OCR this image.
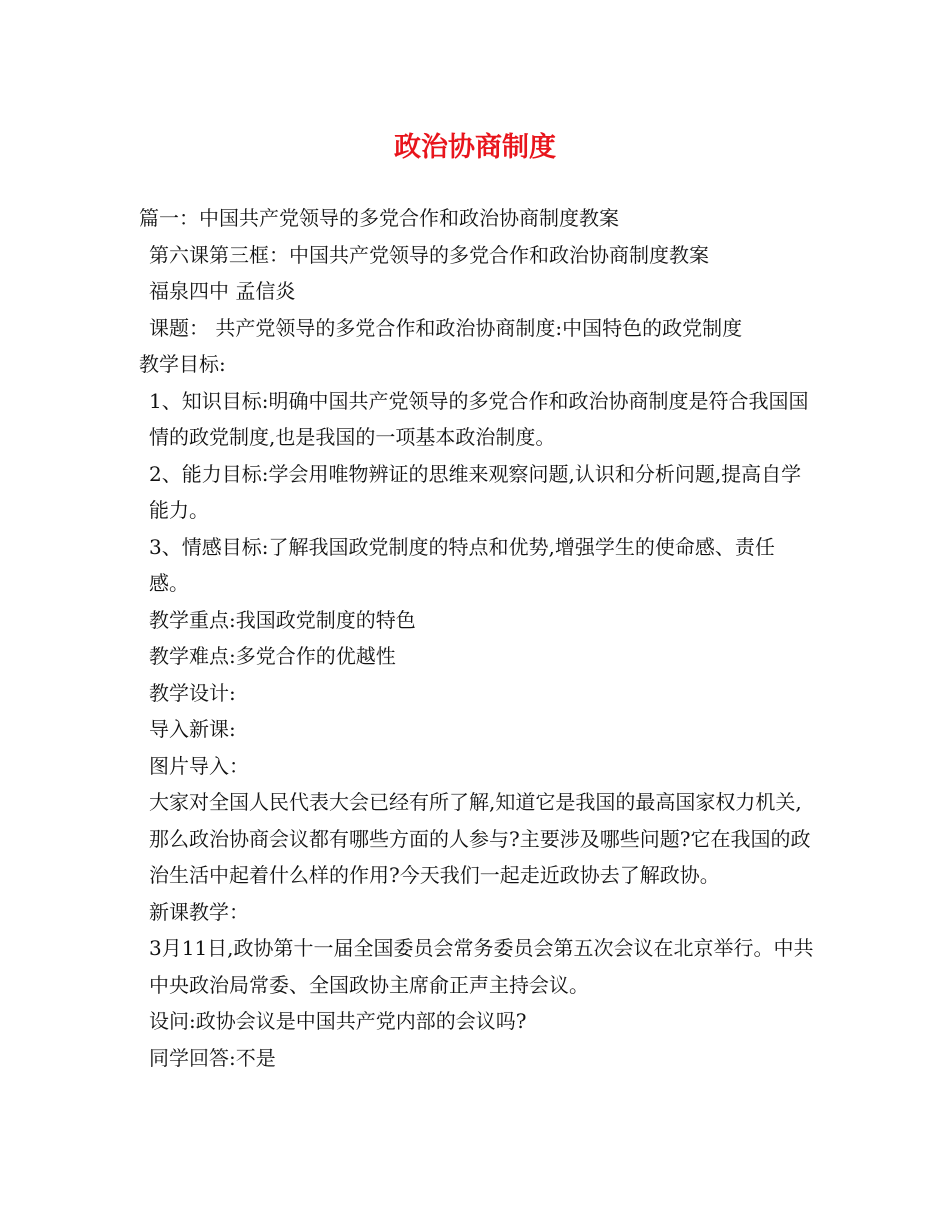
政治协商制度

篇一：中国共产党领导的多党合作和政治协商制度教案

第六课第三框：中国共产党领导的多党合作和政治协商制度教案

福泉四中 孟信炎

课题： 共产党领导的多党合作和政治协商制度:中国特色的政党制度

教学目标:

1、知识目标:明确中国共产党领导的多党合作和政治协商制度是符合我国国情的政党制度,也是我国的一项基本政治制度。

2、能力目标:学会用唯物辨证的思维来观察问题,认识和分析问题,提高自学能力。

3、情感目标:了解我国政党制度的特点和优势,增强学生的使命感、责任感。

教学重点:我国政党制度的特色

教学难点:多党合作的优越性

教学设计:

导入新课:

图片导入：

大家对全国人民代表大会已经有所了解,知道它是我国的最高国家权力机关,那么政治协商会议都有哪些方面的人参与?主要涉及哪些问题?它在我国的政治生活中起着什么样的作用?今天我们一起走近政协去了解政协。

新课教学：

3月11日,政协第十一届全国委员会常务委员会第五次会议在北京举行。中共中央政治局常委、全国政协主席俞正声主持会议。

设问:政协会议是中国共产党内部的会议吗?

同学回答:不是
